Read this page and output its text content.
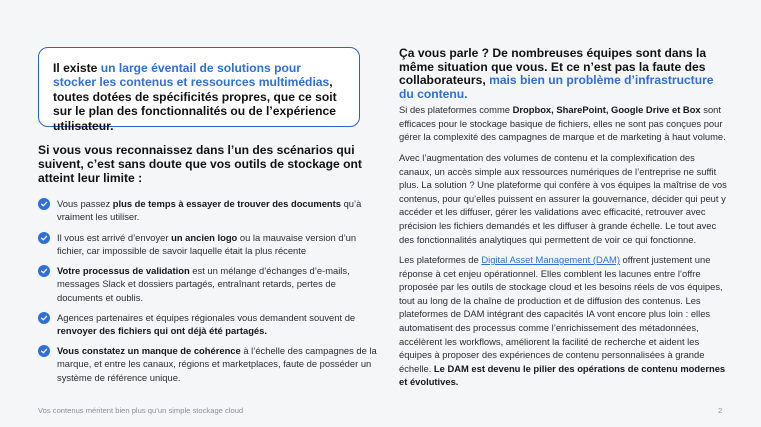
Il existe un large éventail de solutions pour stocker les contenus et ressources multimédias, toutes dotées de spécificités propres, que ce soit sur le plan des fonctionnalités ou de l’expérience utilisateur.
Si vous vous reconnaissez dans l’un des scénarios qui suivent, c’est sans doute que vos outils de stockage ont atteint leur limite :
Vous passez plus de temps à essayer de trouver des documents qu’à vraiment les utiliser.
Il vous est arrivé d’envoyer un ancien logo ou la mauvaise version d’un fichier, car impossible de savoir laquelle était la plus récente
Votre processus de validation est un mélange d’échanges d’e-mails, messages Slack et dossiers partagés, entraînant retards, pertes de documents et oublis.
Agences partenaires et équipes régionales vous demandent souvent de renvoyer des fichiers qui ont déjà été partagés.
Vous constatez un manque de cohérence à l’échelle des campagnes de la marque, et entre les canaux, régions et marketplaces, faute de posséder un système de référence unique.
Ça vous parle ? De nombreuses équipes sont dans la même situation que vous. Et ce n’est pas la faute des collaborateurs, mais bien un problème d’infrastructure du contenu.
Si des plateformes comme Dropbox, SharePoint, Google Drive et Box sont efficaces pour le stockage basique de fichiers, elles ne sont pas conçues pour gérer la complexité des campagnes de marque et de marketing à haut volume.
Avec l’augmentation des volumes de contenu et la complexification des canaux, un accès simple aux ressources numériques de l’entreprise ne suffit plus. La solution ? Une plateforme qui confère à vos équipes la maîtrise de vos contenus, pour qu’elles puissent en assurer la gouvernance, décider qui peut y accéder et les diffuser, gérer les validations avec efficacité, retrouver avec précision les fichiers demandés et les diffuser à grande échelle. Le tout avec des fonctionnalités analytiques qui permettent de voir ce qui fonctionne.
Les plateformes de Digital Asset Management (DAM) offrent justement une réponse à cet enjeu opérationnel. Elles comblent les lacunes entre l’offre proposée par les outils de stockage cloud et les besoins réels de vos équipes, tout au long de la chaîne de production et de diffusion des contenus. Les plateformes de DAM intégrant des capacités IA vont encore plus loin : elles automatisent des processus comme l’enrichissement des métadonnées, accélèrent les workflows, améliorent la facilité de recherche et aident les équipes à proposer des expériences de contenu personnalisées à grande échelle. Le DAM est devenu le pilier des opérations de contenu modernes et évolutives.
Vos contenus méritent bien plus qu’un simple stockage cloud	2
